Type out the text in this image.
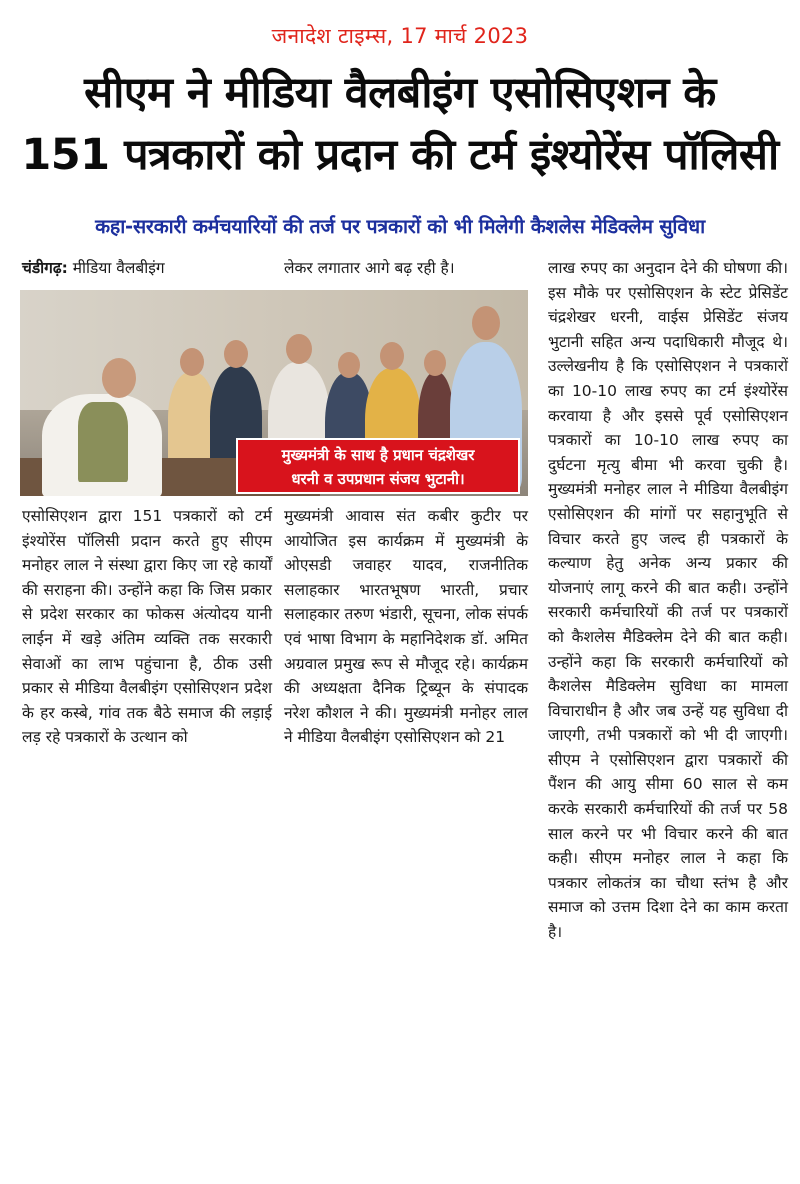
जनादेश टाइम्स, 17 मार्च 2023
सीएम ने मीडिया वैलबीइंग एसोसिएशन के
151 पत्रकारों को प्रदान की टर्म इंश्योरेंस पॉलिसी
कहा-सरकारी कर्मचयारियों की तर्ज पर पत्रकारों को भी मिलेगी कैशलेस मेडिक्लेम सुविधा
चंडीगढ़: मीडिया वैलबीइंग	लेकर लगातार आगे बढ़ रही है।
मुख्यमंत्री के साथ है प्रधान चंद्रशेखर
धरनी व उपप्रधान संजय भुटानी।
एसोसिएशन द्वारा 151 पत्रकारों को टर्म इंश्योरेंस पॉलिसी प्रदान करते हुए सीएम मनोहर लाल ने संस्था द्वारा किए जा रहे कार्यों की सराहना की। उन्होंने कहा कि जिस प्रकार से प्रदेश सरकार का फोकस अंत्योदय यानी लाईन में खड़े अंतिम व्यक्ति तक सरकारी सेवाओं का लाभ पहुंचाना है, ठीक उसी प्रकार से मीडिया वैलबीइंग एसोसिएशन प्रदेश के हर कस्बे, गांव तक बैठे समाज की लड़ाई लड़ रहे पत्रकारों के उत्थान को
मुख्यमंत्री आवास संत कबीर कुटीर पर आयोजित इस कार्यक्रम में मुख्यमंत्री के ओएसडी जवाहर यादव, राजनीतिक सलाहकार भारतभूषण भारती, प्रचार सलाहकार तरुण भंडारी, सूचना, लोक संपर्क एवं भाषा विभाग के महानिदेशक डॉ. अमित अग्रवाल प्रमुख रूप से मौजूद रहे। कार्यक्रम की अध्यक्षता दैनिक ट्रिब्यून के संपादक नरेश कौशल ने की। मुख्यमंत्री मनोहर लाल ने मीडिया वैलबीइंग एसोसिएशन को 21
लाख रुपए का अनुदान देने की घोषणा की। इस मौके पर एसोसिएशन के स्टेट प्रेसिडेंट चंद्रशेखर धरनी, वाईस प्रेसिडेंट संजय भुटानी सहित अन्य पदाधिकारी मौजूद थे। उल्लेखनीय है कि एसोसिएशन ने पत्रकारों का 10-10 लाख रुपए का टर्म इंश्योरेंस करवाया है और इससे पूर्व एसोसिएशन पत्रकारों का 10-10 लाख रुपए का दुर्घटना मृत्यु बीमा भी करवा चुकी है। मुख्यमंत्री मनोहर लाल ने मीडिया वैलबीइंग एसोसिएशन की मांगों पर सहानुभूति से विचार करते हुए जल्द ही पत्रकारों के कल्याण हेतु अनेक अन्य प्रकार की योजनाएं लागू करने की बात कही। उन्होंने सरकारी कर्मचारियों की तर्ज पर पत्रकारों को कैशलेस मैडिक्लेम देने की बात कही। उन्होंने कहा कि सरकारी कर्मचारियों को कैशलेस मैडिक्लेम सुविधा का मामला विचाराधीन है और जब उन्हें यह सुविधा दी जाएगी, तभी पत्रकारों को भी दी जाएगी। सीएम ने एसोसिएशन द्वारा पत्रकारों की पैंशन की आयु सीमा 60 साल से कम करके सरकारी कर्मचारियों की तर्ज पर 58 साल करने पर भी विचार करने की बात कही। सीएम मनोहर लाल ने कहा कि पत्रकार लोकतंत्र का चौथा स्तंभ है और समाज को उत्तम दिशा देने का काम करता है।
